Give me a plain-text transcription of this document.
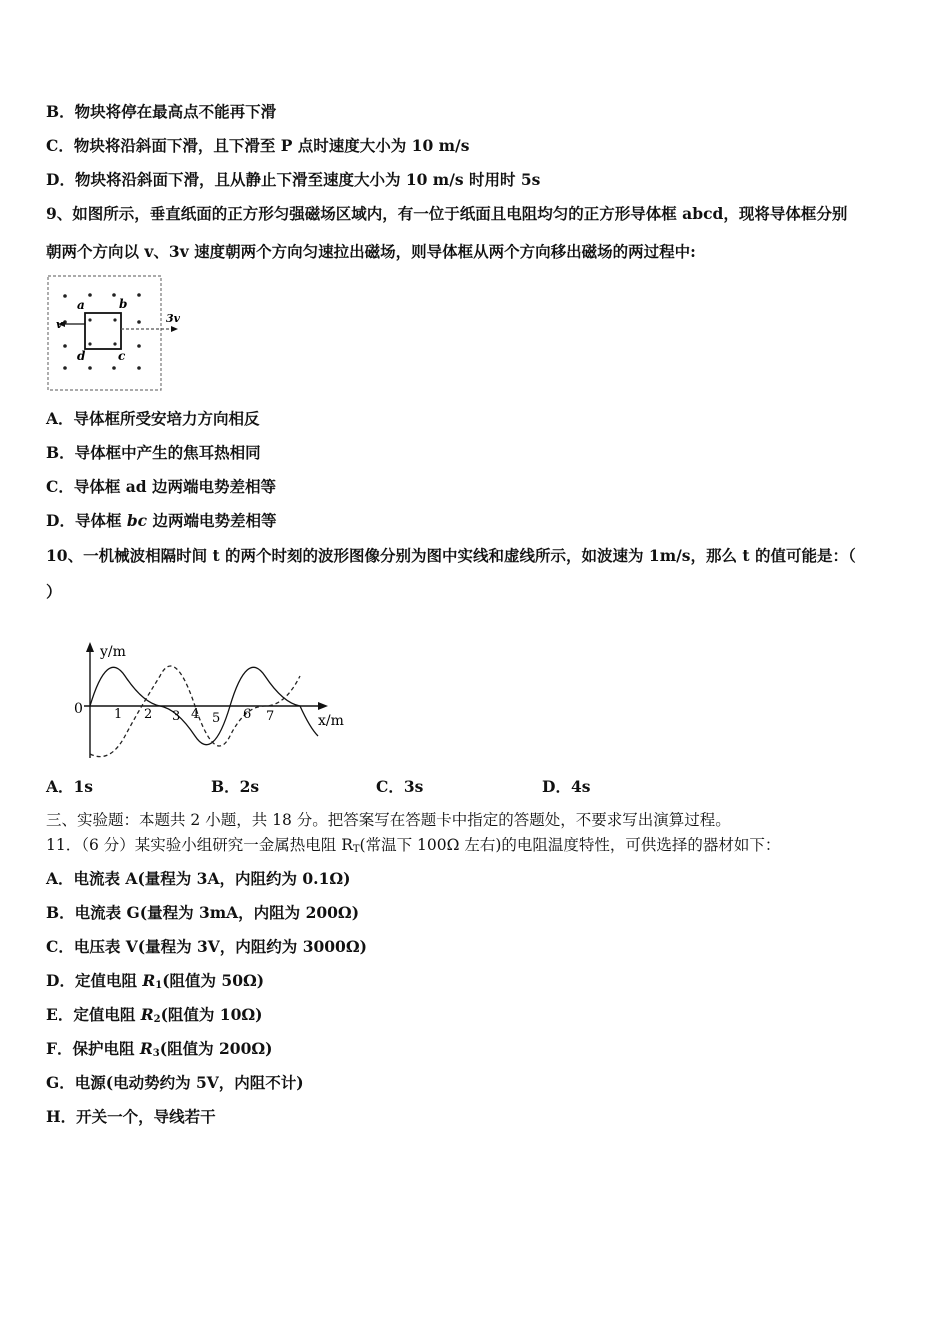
B．物块将停在最高点不能再下滑
C．物块将沿斜面下滑，且下滑至 P 点时速度大小为 10 m/s
D．物块将沿斜面下滑，且从静止下滑至速度大小为 10 m/s 时用时 5s
9、如图所示，垂直纸面的正方形匀强磁场区域内，有一位于纸面且电阻均匀的正方形导体框 abcd，现将导体框分别
朝两个方向以 v、3v 速度朝两个方向匀速拉出磁场，则导体框从两个方向移出磁场的两过程中:
a	b
d	c
v	3v
A．导体框所受安培力方向相反
B．导体框中产生的焦耳热相同
C．导体框 ad 边两端电势差相等
D．导体框 bc 边两端电势差相等
10、一机械波相隔时间 t 的两个时刻的波形图像分别为图中实线和虚线所示，如波速为 1m/s，那么 t 的值可能是：（
）
y/m
x/m
0 1 2 3 4 5 6 7
A．1s	B．2s	C．3s	D．4s
三、实验题：本题共 2 小题，共 18 分。把答案写在答题卡中指定的答题处，不要求写出演算过程。
11．（6 分）某实验小组研究一金属热电阻 $R_T$(常温下 100Ω 左右)的电阻温度特性，可供选择的器材如下：
A．电流表 A(量程为 3A，内阻约为 0.1Ω)
B．电流表 G(量程为 3mA，内阻为 200Ω)
C．电压表 V(量程为 3V，内阻约为 3000Ω)
D．定值电阻 $R_1$(阻值为 50Ω)
E．定值电阻 $R_2$(阻值为 10Ω)
F．保护电阻 $R_3$(阻值为 200Ω)
G．电源(电动势约为 5V，内阻不计)
H．开关一个，导线若干
